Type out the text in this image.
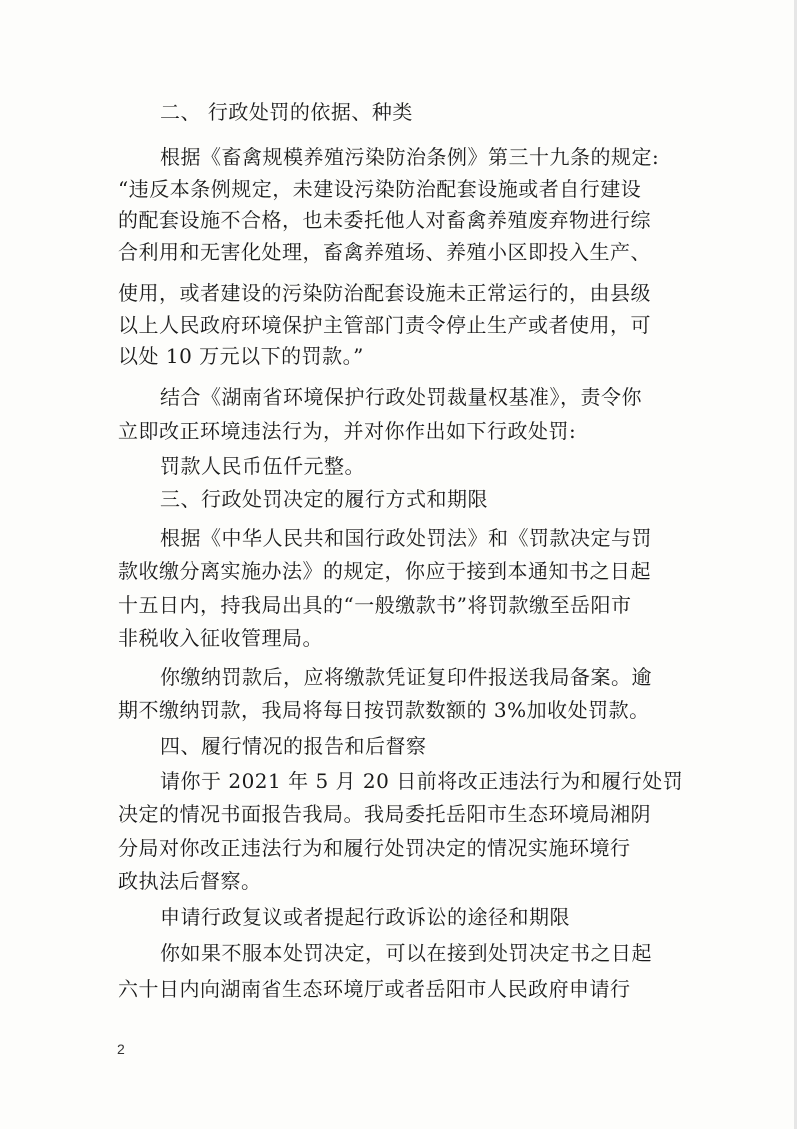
二、 行政处罚的依据、种类
根据《畜禽规模养殖污染防治条例》第三十九条的规定:
“违反本条例规定，未建设污染防治配套设施或者自行建设
的配套设施不合格，也未委托他人对畜禽养殖废弃物进行综
合利用和无害化处理，畜禽养殖场、养殖小区即投入生产、
使用，或者建设的污染防治配套设施未正常运行的，由县级
以上人民政府环境保护主管部门责令停止生产或者使用，可
以处 10 万元以下的罚款。”
结合《湖南省环境保护行政处罚裁量权基准》，责令你
立即改正环境违法行为，并对你作出如下行政处罚:
罚款人民币伍仟元整。
三、行政处罚决定的履行方式和期限
根据《中华人民共和国行政处罚法》和《罚款决定与罚
款收缴分离实施办法》的规定，你应于接到本通知书之日起
十五日内，持我局出具的“一般缴款书”将罚款缴至岳阳市
非税收入征收管理局。
你缴纳罚款后，应将缴款凭证复印件报送我局备案。逾
期不缴纳罚款，我局将每日按罚款数额的 3%加收处罚款。
四、履行情况的报告和后督察
请你于 2021 年 5 月 20 日前将改正违法行为和履行处罚
决定的情况书面报告我局。我局委托岳阳市生态环境局湘阴
分局对你改正违法行为和履行处罚决定的情况实施环境行
政执法后督察。
申请行政复议或者提起行政诉讼的途径和期限
你如果不服本处罚决定，可以在接到处罚决定书之日起
六十日内向湖南省生态环境厅或者岳阳市人民政府申请行
2
